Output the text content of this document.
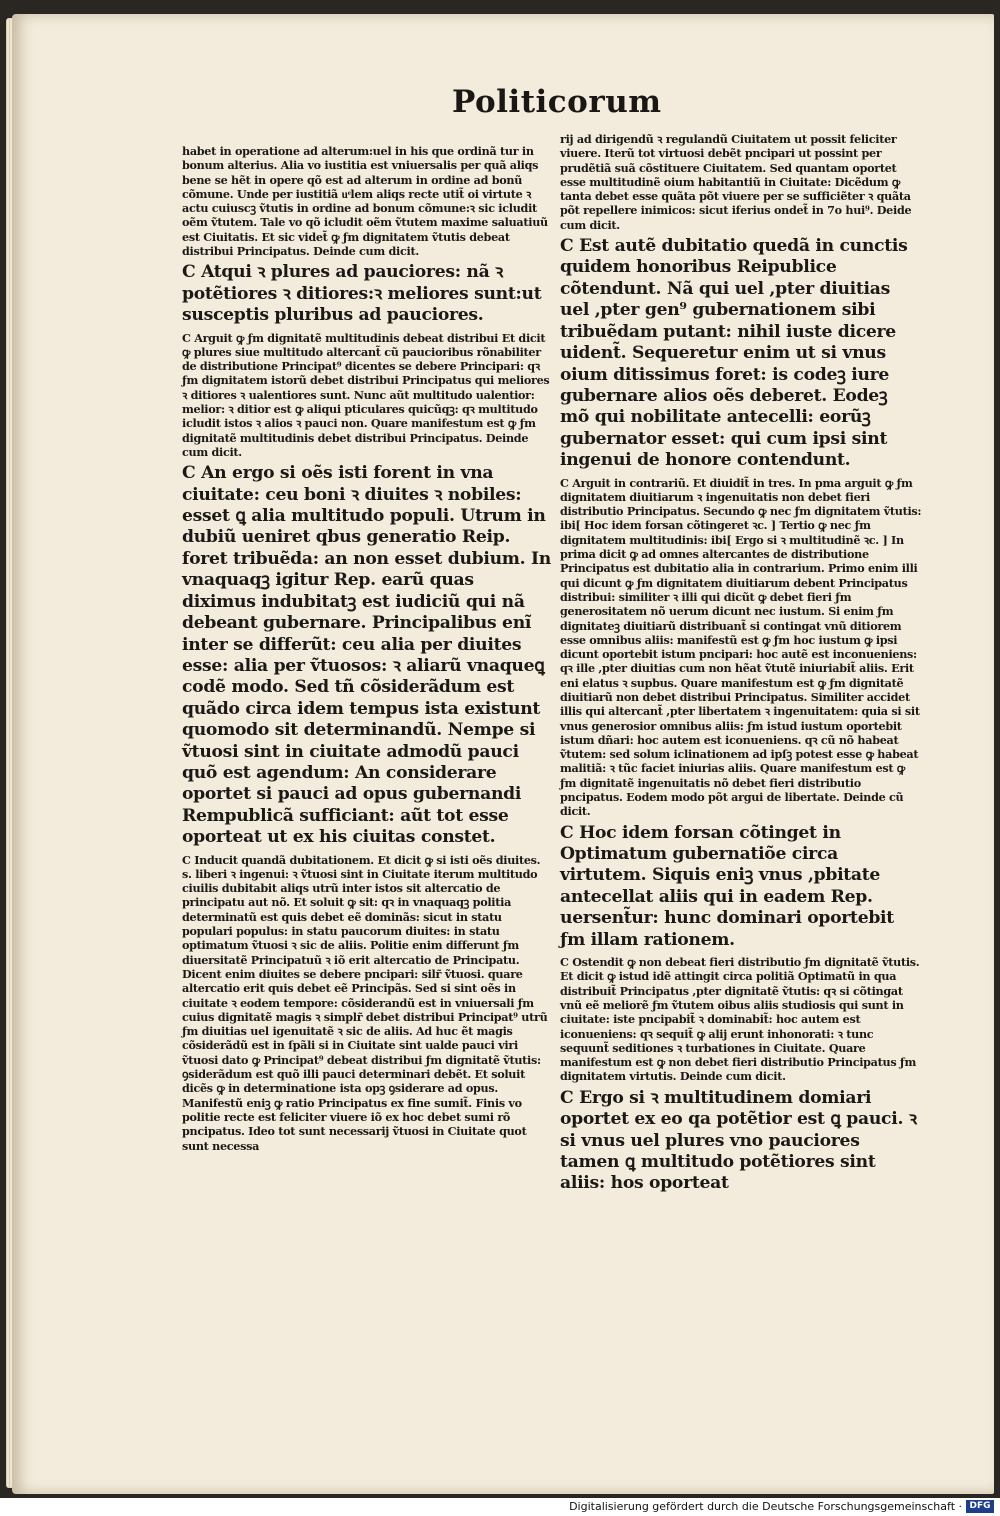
Politicorum

habet in operatione ad alterum:uel in his que ordinã tur in bonum alterius. Alia vo iustitia est vniuersalis per quã aliqs bene se hẽt in opere qõ est ad alterum in ordine ad bonũ cõmune. Unde per iustitiã uͤlem aliqs recte utit̃ oi virtute ꝛ actu cuiuscꝫ ṽtutis in ordine ad bonum cõmune:ꝛ sic icludit oẽm ṽtutem. Tale vo qõ icludit oẽm ṽtutem maxime saluatiuũ est Ciuitatis. Et sic videt̃ ꝙ ƒm dignitatem ṽtutis debeat distribui Principatus. Deinde cum dicit.

C Atqui ꝛ plures ad pauciores: nã ꝛ potẽtiores ꝛ ditiores:ꝛ meliores sunt:ut susceptis pluribus ad pauciores.

C Arguit ꝙ ƒm dignitatẽ multitudinis debeat distribui Et dicit ꝙ plures siue multitudo altercant̃ cũ paucioribus rõnabiliter de distributione Principat⁹ dicentes se debere Principari: qꝛ ƒm dignitatem istorũ debet distribui Principatus qui meliores ꝛ ditiores ꝛ ualentiores sunt. Nunc aũt multitudo ualentior: melior: ꝛ ditior est ꝙ aliqui pticulares quicũqꝫ: qꝛ multitudo icludit istos ꝛ alios ꝛ pauci non. Quare manifestum est ꝙ ƒm dignitatẽ multitudinis debet distribui Principatus. Deinde cum dicit.

C An ergo si oẽs isti forent in vna ciuitate: ceu boni ꝛ diuites ꝛ nobiles: esset ꝗ alia multitudo populi. Utrum in dubiũ ueniret qbus generatio Reip. foret tribuẽda: an non esset dubium. In vnaquaqꝫ igitur Rep. earũ quas diximus indubitatꝫ est iudiciũ qui nã debeant gubernare. Principalibus enĩ inter se differũt: ceu alia per diuites esse: alia per ṽtuosos: ꝛ aliarũ vnaqueꝗ codẽ modo. Sed tñ cõsiderãdum est quãdo circa idem tempus ista existunt quomodo sit determinandũ. Nempe si ṽtuosi sint in ciuitate admodũ pauci quõ est agendum: An considerare oportet si pauci ad opus gubernandi Rempublicã sufficiant: aũt tot esse oporteat ut ex his ciuitas constet.

C Inducit quandã dubitationem. Et dicit ꝙ si isti oẽs diuites. s. liberi ꝛ ingenui: ꝛ ṽtuosi sint in Ciuitate iterum multitudo ciuilis dubitabit aliqs utrũ inter istos sit altercatio de principatu aut nõ. Et soluit ꝙ sit: qꝛ in vnaquaqꝫ politia determinatũ est quis debet eẽ dominãs: sicut in statu populari populus: in statu paucorum diuites: in statu optimatum ṽtuosi ꝛ sic de aliis. Politie enim differunt ƒm diuersitatẽ Principatuũ ꝛ iõ erit altercatio de Principatu. Dicent enim diuites se debere pncipari: silr̃ ṽtuosi. quare altercatio erit quis debet eẽ Principãs. Sed si sint oẽs in ciuitate ꝛ eodem tempore: cõsiderandũ est in vniuersali ƒm cuius dignitatẽ magis ꝛ simplr̃ debet distribui Principat⁹ utrũ ƒm diuitias uel igenuitatẽ ꝛ sic de aliis. Ad huc ẽt magis cõsiderãdũ est in ſpãli si in Ciuitate sint ualde pauci viri ṽtuosi dato ꝙ Principat⁹ debeat distribui ƒm dignitatẽ ṽtutis: ꝯsiderãdum est quõ illi pauci determinari debẽt. Et soluit dicẽs ꝙ in determinatione ista opꝫ ꝯsiderare ad opus. Manifestũ eniꝫ ꝙ ratio Principatus ex fine sumit̃. Finis vo politie recte est feliciter viuere iõ ex hoc debet sumi rõ pncipatus. Ideo tot sunt necessarij ṽtuosi in Ciuitate quot sunt necessa

rij ad dirigendũ ꝛ regulandũ Ciuitatem ut possit feliciter viuere. Iterũ tot virtuosi debẽt pncipari ut possint per prudẽtiã suã cõstituere Ciuitatem. Sed quantam oportet esse multitudinẽ oium habitantiũ in Ciuitate: Dicẽdum ꝙ tanta debet esse quãta põt viuere per se sufficiẽter ꝛ quãta põt repellere inimicos: sicut iferius ondet̃ in 7o hui⁹. Deide cum dicit.

C Est autẽ dubitatio quedã in cunctis quidem honoribus Reipublice cõtendunt. Nã qui uel ,pter diuitias uel ,pter gen⁹ gubernationem sibi tribuẽdam putant: nihil iuste dicere uident̃. Sequeretur enim ut si vnus oium ditissimus foret: is codeꝫ iure gubernare alios oẽs deberet. Eodeꝫ mõ qui nobilitate antecelli: eorũꝫ gubernator esset: qui cum ipsi sint ingenui de honore contendunt.

C Arguit in contrariũ. Et diuidit̃ in tres. In pma arguit ꝙ ƒm dignitatem diuitiarum ꝛ ingenuitatis non debet fieri distributio Principatus. Secundo ꝙ nec ƒm dignitatem ṽtutis: ibi[ Hoc idem forsan cõtingeret ꝛc. ] Tertio ꝙ nec ƒm dignitatem multitudinis: ibi[ Ergo si ꝛ multitudinẽ ꝛc. ] In prima dicit ꝙ ad omnes altercantes de distributione Principatus est dubitatio alia in contrarium. Primo enim illi qui dicunt ꝙ ƒm dignitatem diuitiarum debent Principatus distribui: similiter ꝛ illi qui dicũt ꝙ debet fieri ƒm generositatem nõ uerum dicunt nec iustum. Si enim ƒm dignitateꝫ diuitiarũ distribuant̃ si contingat vnũ ditiorem esse omnibus aliis: manifestũ est ꝙ ƒm hoc iustum ꝙ ipsi dicunt oportebit istum pncipari: hoc autẽ est inconueniens: qꝛ ille ,pter diuitias cum non hẽat ṽtutẽ iniuriabit̃ aliis. Erit eni elatus ꝛ supbus. Quare manifestum est ꝙ ƒm dignitatẽ diuitiarũ non debet distribui Principatus. Similiter accidet illis qui altercant̃ ,pter libertatem ꝛ ingenuitatem: quia si sit vnus generosior omnibus aliis: ƒm istud iustum oportebit istum dñari: hoc autem est iconueniens. qꝛ cũ nõ habeat ṽtutem: sed solum iclinationem ad ipſꝫ potest esse ꝙ habeat malitiã: ꝛ tũc faciet iniurias aliis. Quare manifestum est ꝙ ƒm dignitatẽ ingenuitatis nõ debet fieri distributio pncipatus. Eodem modo põt argui de libertate. Deinde cũ dicit.

C Hoc idem forsan cõtinget in Optimatum gubernatiõe circa virtutem. Siquis eniꝫ vnus ,pbitate antecellat aliis qui in eadem Rep. uersent̃ur: hunc dominari oportebit ƒm illam rationem.

C Ostendit ꝙ non debeat fieri distributio ƒm dignitatẽ ṽtutis. Et dicit ꝙ istud idẽ attingit circa politiã Optimatũ in qua distribuit̃ Principatus ,pter dignitatẽ ṽtutis: qꝛ si cõtingat vnũ eẽ meliorẽ ƒm ṽtutem oibus aliis studiosis qui sunt in ciuitate: iste pncipabit̃ ꝛ dominabit̃: hoc autem est iconueniens: qꝛ sequit̃ ꝙ alij erunt inhonorati: ꝛ tunc sequunt̃ seditiones ꝛ turbationes in Ciuitate. Quare manifestum est ꝙ non debet fieri distributio Principatus ƒm dignitatem virtutis. Deinde cum dicit.

C Ergo si ꝛ multitudinem domiari oportet ex eo qa potẽtior est ꝗ pauci. ꝛ si vnus uel plures vno pauciores tamen ꝗ multitudo potẽtiores sint aliis: hos oporteat

Digitalisierung gefördert durch die Deutsche Forschungsgemeinschaft · DFG
